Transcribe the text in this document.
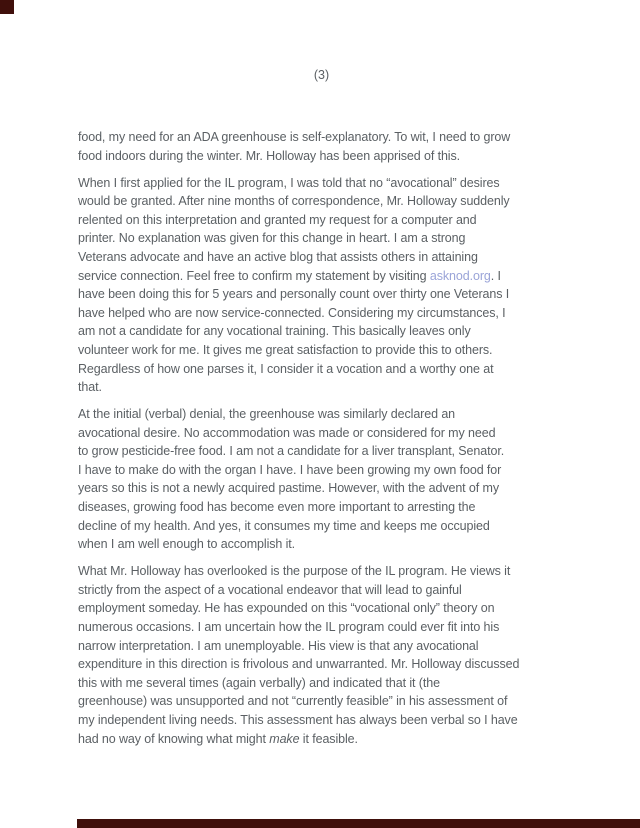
(3)
food, my need for an ADA greenhouse is self-explanatory. To wit, I need to grow
food indoors during the winter. Mr. Holloway has been apprised of this.
When I first applied for the IL program, I was told that no “avocational” desires
would be granted. After nine months of correspondence, Mr. Holloway suddenly
relented on this interpretation and granted my request for a computer and
printer. No explanation was given for this change in heart. I am a strong
Veterans advocate and have an active blog that assists others in attaining
service connection. Feel free to confirm my statement by visiting asknod.org. I
have been doing this for 5 years and personally count over thirty one Veterans I
have helped who are now service-connected. Considering my circumstances, I
am not a candidate for any vocational training. This basically leaves only
volunteer work for me. It gives me great satisfaction to provide this to others.
Regardless of how one parses it, I consider it a vocation and a worthy one at
that.
At the initial (verbal) denial, the greenhouse was similarly declared an
avocational desire. No accommodation was made or considered for my need
to grow pesticide-free food. I am not a candidate for a liver transplant, Senator.
I have to make do with the organ I have. I have been growing my own food for
years so this is not a newly acquired pastime. However, with the advent of my
diseases, growing food has become even more important to arresting the
decline of my health. And yes, it consumes my time and keeps me occupied
when I am well enough to accomplish it.
What Mr. Holloway has overlooked is the purpose of the IL program. He views it
strictly from the aspect of a vocational endeavor that will lead to gainful
employment someday. He has expounded on this “vocational only” theory on
numerous occasions. I am uncertain how the IL program could ever fit into his
narrow interpretation. I am unemployable. His view is that any avocational
expenditure in this direction is frivolous and unwarranted. Mr. Holloway discussed
this with me several times (again verbally) and indicated that it (the
greenhouse) was unsupported and not “currently feasible” in his assessment of
my independent living needs. This assessment has always been verbal so I have
had no way of knowing what might make it feasible.
